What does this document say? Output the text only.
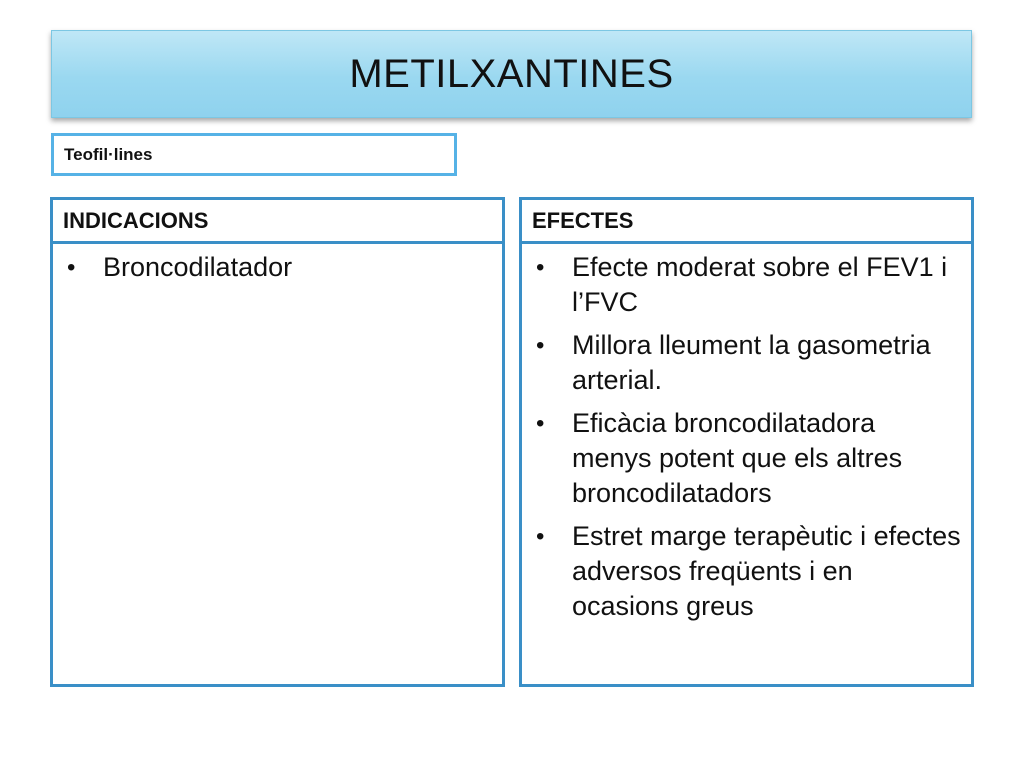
METILXANTINES
Teofil·lines
INDICACIONS
• Broncodilatador
EFECTES
• Efecte moderat sobre el FEV1 i l’FVC
• Millora lleument la gasometria arterial.
• Eficàcia broncodilatadora menys potent que els altres broncodilatadors
• Estret marge terapèutic i efectes adversos freqüents i en ocasions greus
